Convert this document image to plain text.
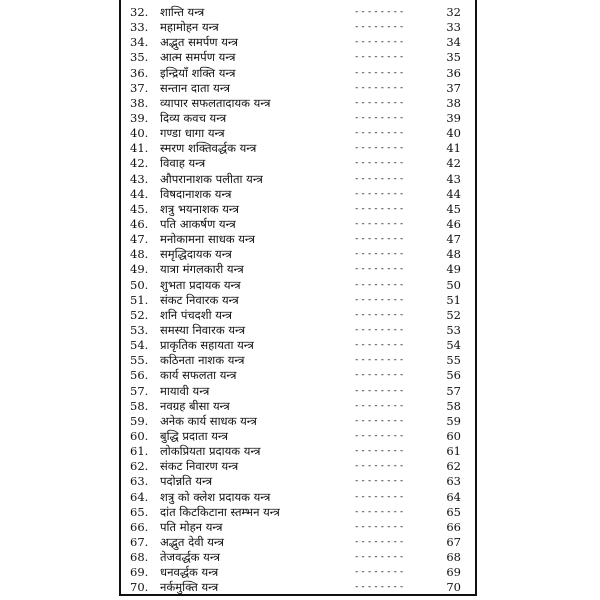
32.	शान्ति यन्त्र	--------	32
33.	महामोहन यन्त्र	--------	33
34.	अद्भुत समर्पण यन्त्र	--------	34
35.	आत्म समर्पण यन्त्र	--------	35
36.	इन्द्रियाँ शक्ति यन्त्र	--------	36
37.	सन्तान दाता यन्त्र	--------	37
38.	व्यापार सफलतादायक यन्त्र	--------	38
39.	दिव्य कवच यन्त्र	--------	39
40.	गण्डा धागा यन्त्र	--------	40
41.	स्मरण शक्तिवर्द्धक यन्त्र	--------	41
42.	विवाह यन्त्र	--------	42
43.	औपरानाशक पलीता यन्त्र	--------	43
44.	विषदानाशक यन्त्र	--------	44
45.	शत्रु भयनाशक यन्त्र	--------	45
46.	पति आकर्षण यन्त्र	--------	46
47.	मनोकामना साधक यन्त्र	--------	47
48.	समृद्धिदायक यन्त्र	--------	48
49.	यात्रा मंगलकारी यन्त्र	--------	49
50.	शुभता प्रदायक यन्त्र	--------	50
51.	संकट निवारक यन्त्र	--------	51
52.	शनि पंचदशी यन्त्र	--------	52
53.	समस्या निवारक यन्त्र	--------	53
54.	प्राकृतिक सहायता यन्त्र	--------	54
55.	कठिनता नाशक यन्त्र	--------	55
56.	कार्य सफलता यन्त्र	--------	56
57.	मायावी यन्त्र	--------	57
58.	नवग्रह बीसा यन्त्र	--------	58
59.	अनेक कार्य साधक यन्त्र	--------	59
60.	बुद्धि प्रदाता यन्त्र	--------	60
61.	लोकप्रियता प्रदायक यन्त्र	--------	61
62.	संकट निवारण यन्त्र	--------	62
63.	पदोन्नति यन्त्र	--------	63
64.	शत्रु को क्लेश प्रदायक यन्त्र	--------	64
65.	दांत किटकिटाना स्तम्भन यन्त्र	--------	65
66.	पति मोहन यन्त्र	--------	66
67.	अद्भुत देवी यन्त्र	--------	67
68.	तेजवर्द्धक यन्त्र	--------	68
69.	धनवर्द्धक यन्त्र	--------	69
70.	नर्कमुक्ति यन्त्र	--------	70
